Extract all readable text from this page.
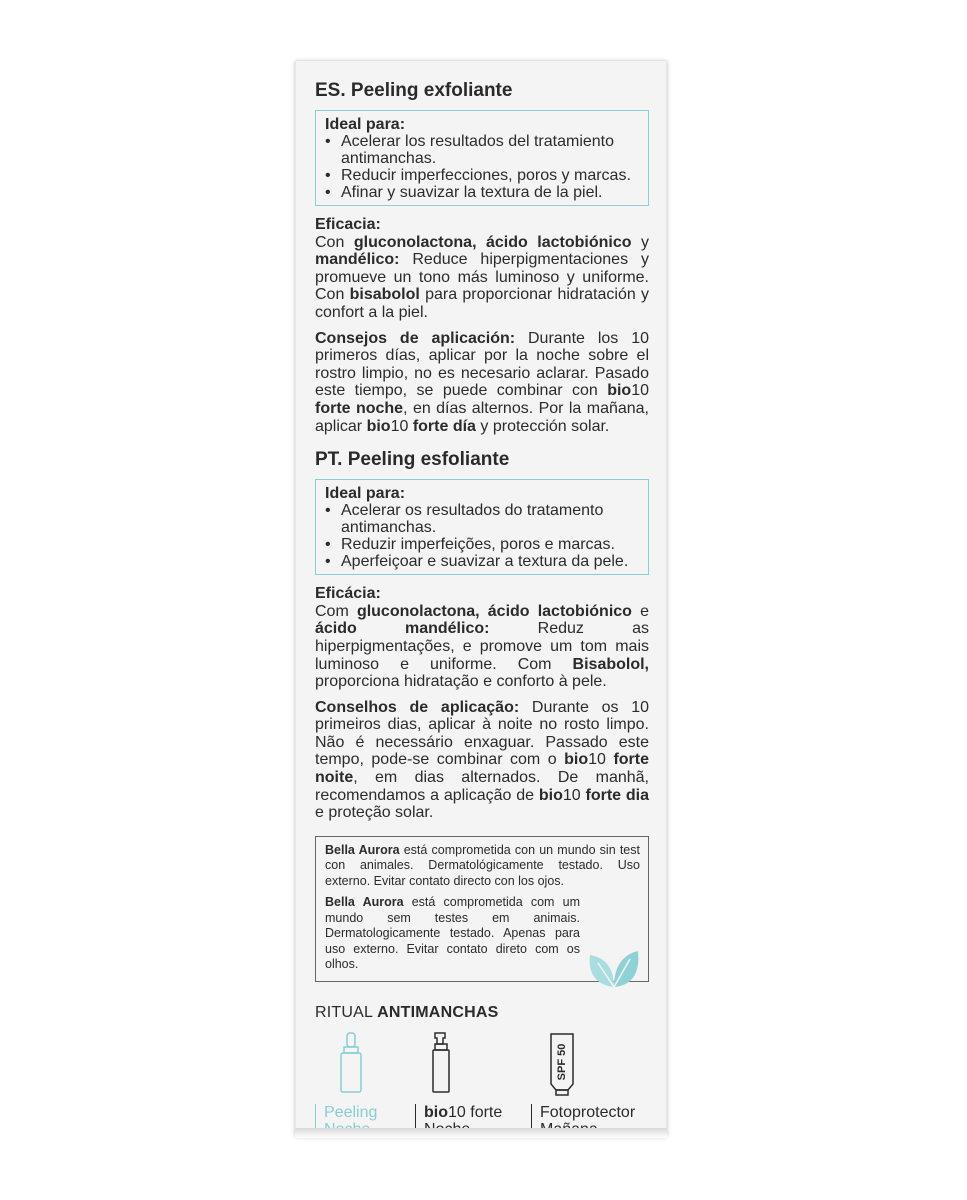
ES. Peeling exfoliante
Ideal para:
• Acelerar los resultados del tratamiento antimanchas.
• Reducir imperfecciones, poros y marcas.
• Afinar y suavizar la textura de la piel.
Eficacia:
Con gluconolactona, ácido lactobiónico y mandélico: Reduce hiperpigmentaciones y promueve un tono más luminoso y uniforme. Con bisabolol para proporcionar hidratación y confort a la piel.
Consejos de aplicación: Durante los 10 primeros días, aplicar por la noche sobre el rostro limpio, no es necesario aclarar. Pasado este tiempo, se puede combinar con bio10 forte noche, en días alternos. Por la mañana, aplicar bio10 forte día y protección solar.
PT. Peeling esfoliante
Ideal para:
• Acelerar os resultados do tratamento antimanchas.
• Reduzir imperfeições, poros e marcas.
• Aperfeiçoar e suavizar a textura da pele.
Eficácia:
Com gluconolactona, ácido lactobiónico e ácido mandélico: Reduz as hiperpigmentações, e promove um tom mais luminoso e uniforme. Com Bisabolol, proporciona hidratação e conforto à pele.
Conselhos de aplicação: Durante os 10 primeiros dias, aplicar à noite no rosto limpo. Não é necessário enxaguar. Passado este tempo, pode-se combinar com o bio10 forte noite, em dias alternados. De manhã, recomendamos a aplicação de bio10 forte dia e proteção solar.

Bella Aurora está comprometida con un mundo sin test con animales. Dermatológicamente testado. Uso externo. Evitar contato directo con los ojos.

Bella Aurora está comprometida com um mundo sem testes em animais. Dermatologicamente testado. Apenas para uso externo. Evitar contato direto com os olhos.

RITUAL ANTIMANCHAS
SPF 50
Peeling	bio10 forte Fotoprotector
